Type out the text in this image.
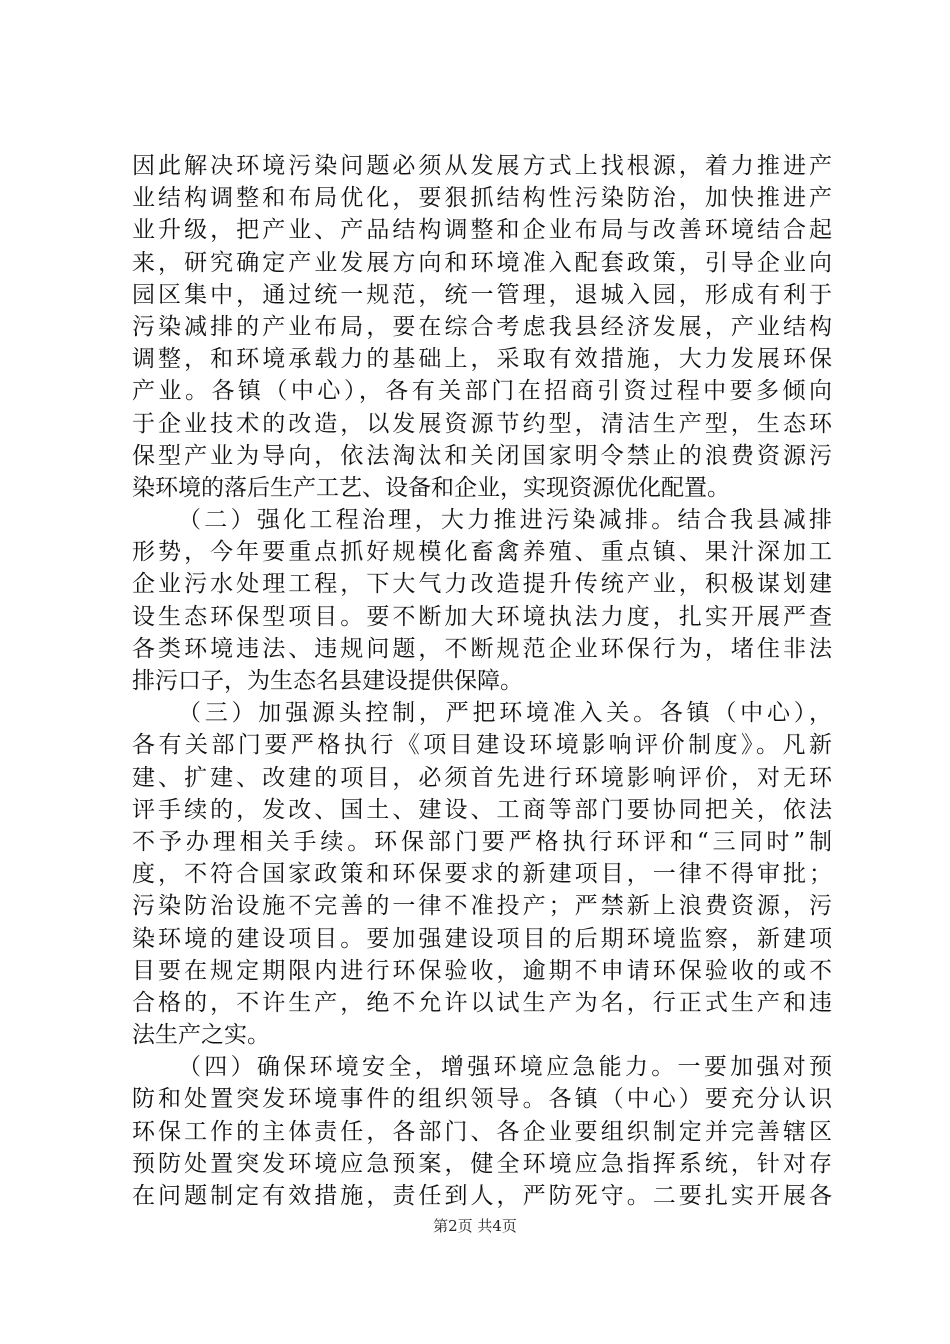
因此解决环境污染问题必须从发展方式上找根源，着力推进产
业结构调整和布局优化，要狠抓结构性污染防治，加快推进产
业升级，把产业、产品结构调整和企业布局与改善环境结合起
来，研究确定产业发展方向和环境准入配套政策，引导企业向
园区集中，通过统一规范，统一管理，退城入园，形成有利于
污染减排的产业布局，要在综合考虑我县经济发展，产业结构
调整，和环境承载力的基础上，采取有效措施，大力发展环保
产业。各镇（中心），各有关部门在招商引资过程中要多倾向
于企业技术的改造，以发展资源节约型，清洁生产型，生态环
保型产业为导向，依法淘汰和关闭国家明令禁止的浪费资源污
染环境的落后生产工艺、设备和企业，实现资源优化配置。
（二）强化工程治理，大力推进污染减排。结合我县减排
形势，今年要重点抓好规模化畜禽养殖、重点镇、果汁深加工
企业污水处理工程，下大气力改造提升传统产业，积极谋划建
设生态环保型项目。要不断加大环境执法力度，扎实开展严查
各类环境违法、违规问题，不断规范企业环保行为，堵住非法
排污口子，为生态名县建设提供保障。
（三）加强源头控制，严把环境准入关。各镇（中心），
各有关部门要严格执行《项目建设环境影响评价制度》。凡新
建、扩建、改建的项目，必须首先进行环境影响评价，对无环
评手续的，发改、国土、建设、工商等部门要协同把关，依法
不予办理相关手续。环保部门要严格执行环评和“三同时”制
度，不符合国家政策和环保要求的新建项目，一律不得审批；
污染防治设施不完善的一律不准投产；严禁新上浪费资源，污
染环境的建设项目。要加强建设项目的后期环境监察，新建项
目要在规定期限内进行环保验收，逾期不申请环保验收的或不
合格的，不许生产，绝不允许以试生产为名，行正式生产和违
法生产之实。
（四）确保环境安全，增强环境应急能力。一要加强对预
防和处置突发环境事件的组织领导。各镇（中心）要充分认识
环保工作的主体责任，各部门、各企业要组织制定并完善辖区
预防处置突发环境应急预案，健全环境应急指挥系统，针对存
在问题制定有效措施，责任到人，严防死守。二要扎实开展各
第2页 共4页
